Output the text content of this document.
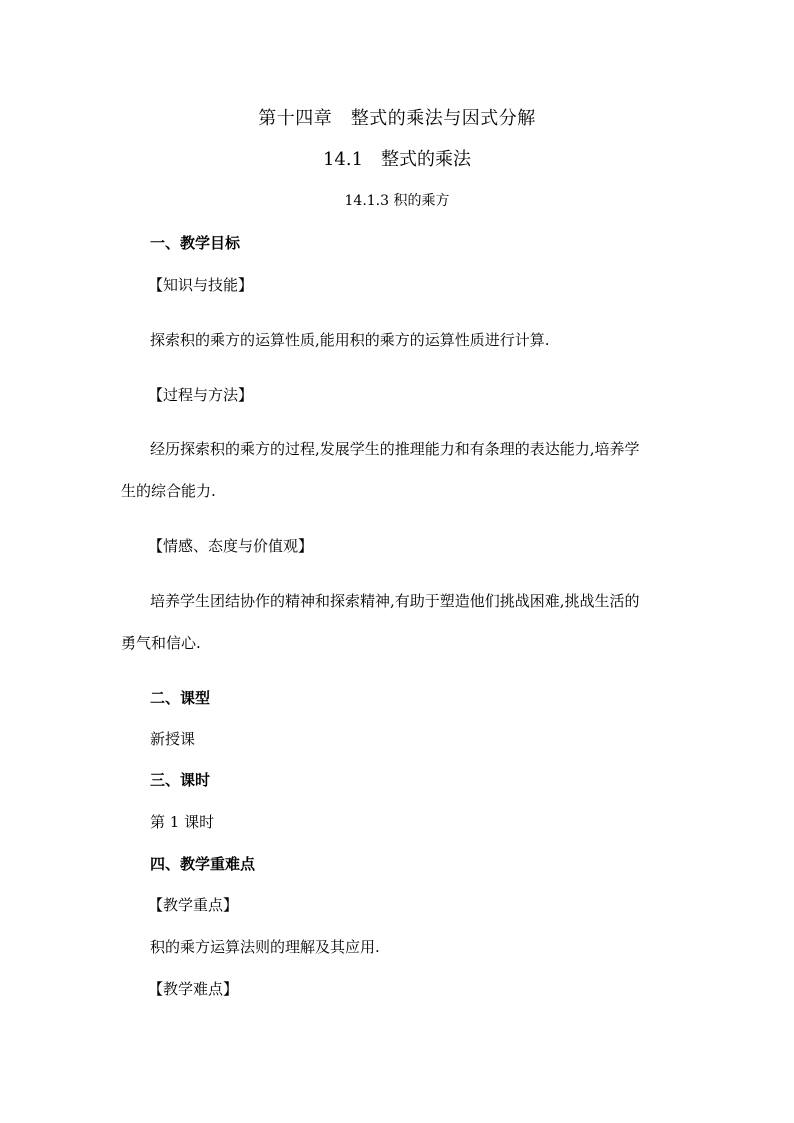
第十四章　整式的乘法与因式分解
14.1　整式的乘法
14.1.3 积的乘方
一、教学目标
【知识与技能】
探索积的乘方的运算性质,能用积的乘方的运算性质进行计算.
【过程与方法】
经历探索积的乘方的过程,发展学生的推理能力和有条理的表达能力,培养学
生的综合能力.
【情感、态度与价值观】
培养学生团结协作的精神和探索精神,有助于塑造他们挑战困难,挑战生活的
勇气和信心.
二、课型
新授课
三、课时
第 1 课时
四、教学重难点
【教学重点】
积的乘方运算法则的理解及其应用.
【教学难点】
